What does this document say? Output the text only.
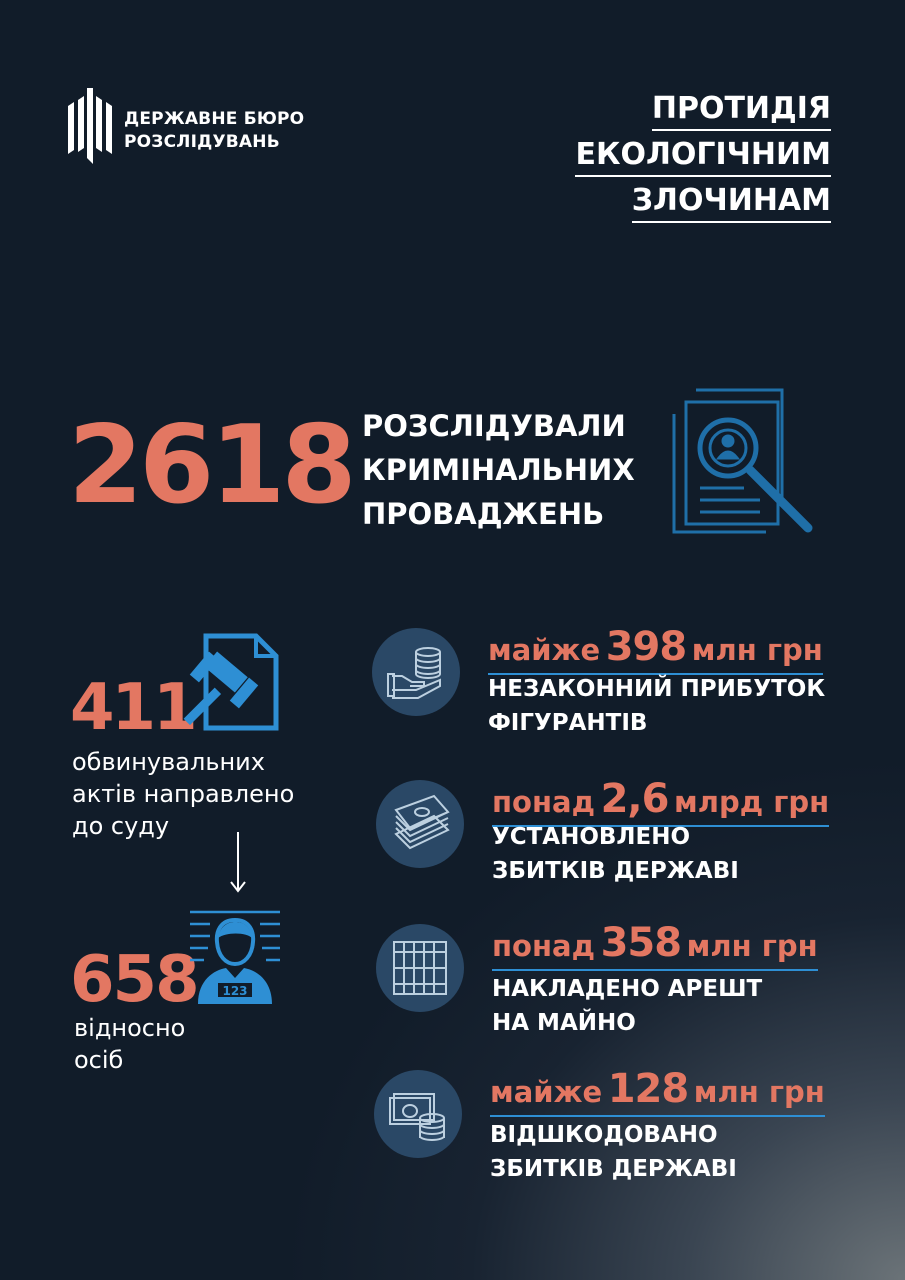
ДЕРЖАВНЕ БЮРО
РОЗСЛІДУВАНЬ
ПРОТИДІЯ
ЕКОЛОГІЧНИМ
ЗЛОЧИНАМ
2618 РОЗСЛІДУВАЛИ
КРИМІНАЛЬНИХ
ПРОВАДЖЕНЬ
411
обвинувальних
актів направлено
до суду
658 123
відносно
осіб
майже 398 млн грн
НЕЗАКОННИЙ ПРИБУТОК
ФІГУРАНТІВ
понад 2,6 млрд грн
УСТАНОВЛЕНО
ЗБИТКІВ ДЕРЖАВІ
понад 358 млн грн
НАКЛАДЕНО АРЕШТ
НА МАЙНО
майже 128 млн грн
ВІДШКОДОВАНО
ЗБИТКІВ ДЕРЖАВІ
